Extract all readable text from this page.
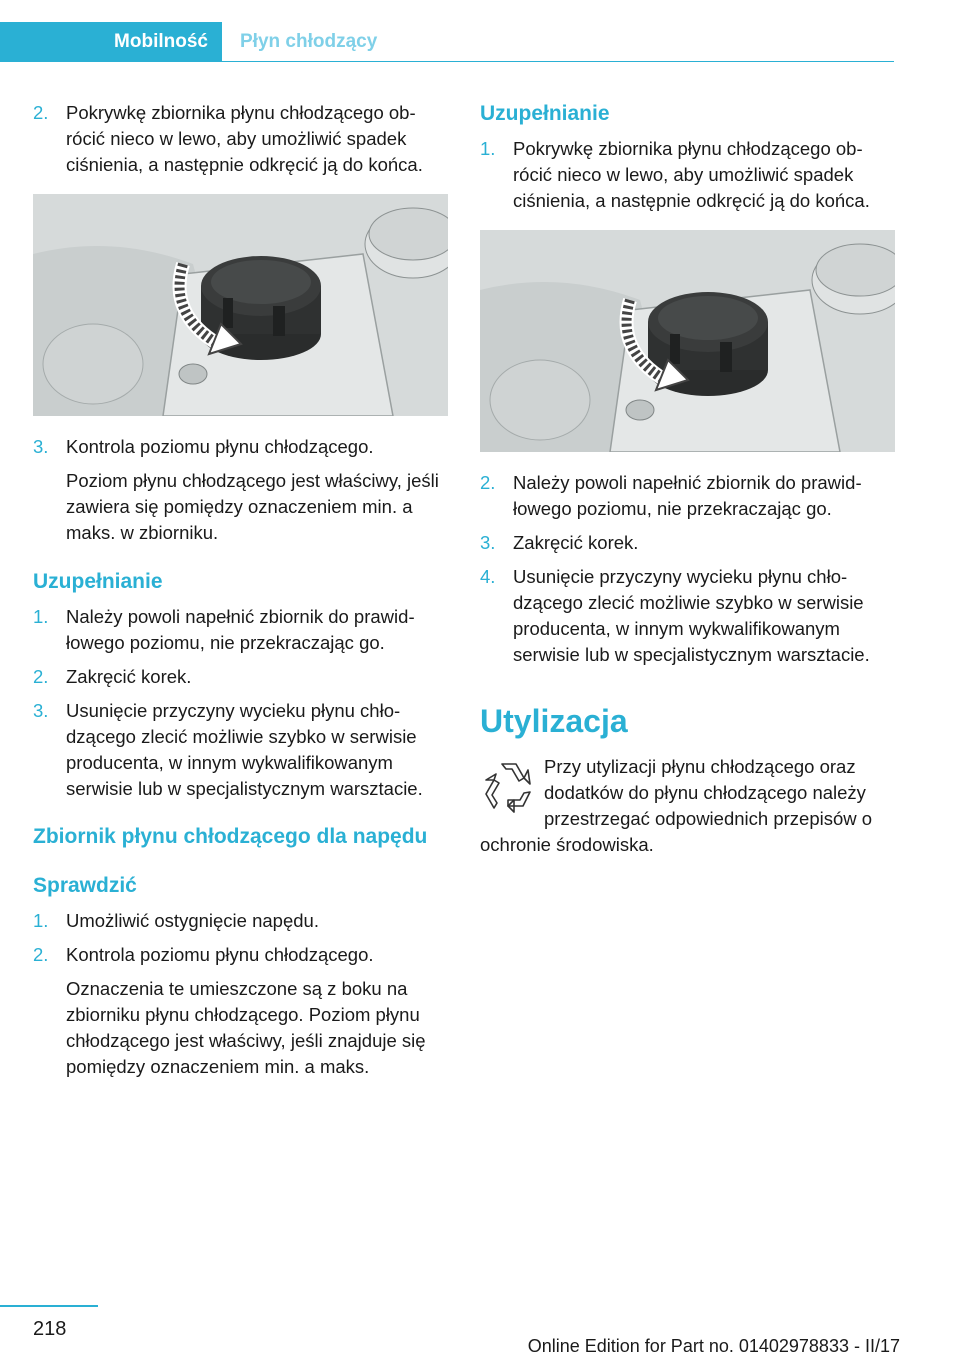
Mobilność	Płyn chłodzący
2. Pokrywkę zbiornika płynu chłodzącego obrócić nieco w lewo, aby umożliwić spadek ciśnienia, a następnie odkręcić ją do końca.
3. Kontrola poziomu płynu chłodzącego.
Poziom płynu chłodzącego jest właściwy, jeśli zawiera się pomiędzy oznaczeniem min. a maks. w zbiorniku.
Uzupełnianie
1. Należy powoli napełnić zbiornik do prawidłowego poziomu, nie przekraczając go.
2. Zakręcić korek.
3. Usunięcie przyczyny wycieku płynu chłodzącego zlecić możliwie szybko w serwisie producenta, w innym wykwalifikowanym serwisie lub w specjalistycznym warsztacie.
Zbiornik płynu chłodzącego dla napędu
Sprawdzić
1. Umożliwić ostygnięcie napędu.
2. Kontrola poziomu płynu chłodzącego.
Oznaczenia te umieszczone są z boku na zbiorniku płynu chłodzącego. Poziom płynu chłodzącego jest właściwy, jeśli znajduje się pomiędzy oznaczeniem min. a maks.
Uzupełnianie
1. Pokrywkę zbiornika płynu chłodzącego obrócić nieco w lewo, aby umożliwić spadek ciśnienia, a następnie odkręcić ją do końca.
2. Należy powoli napełnić zbiornik do prawidłowego poziomu, nie przekraczając go.
3. Zakręcić korek.
4. Usunięcie przyczyny wycieku płynu chłodzącego zlecić możliwie szybko w serwisie producenta, w innym wykwalifikowanym serwisie lub w specjalistycznym warsztacie.
Utylizacja
Przy utylizacji płynu chłodzącego oraz dodatków do płynu chłodzącego należy przestrzegać odpowiednich przepisów o ochronie środowiska.
218
Online Edition for Part no. 01402978833 - II/17
